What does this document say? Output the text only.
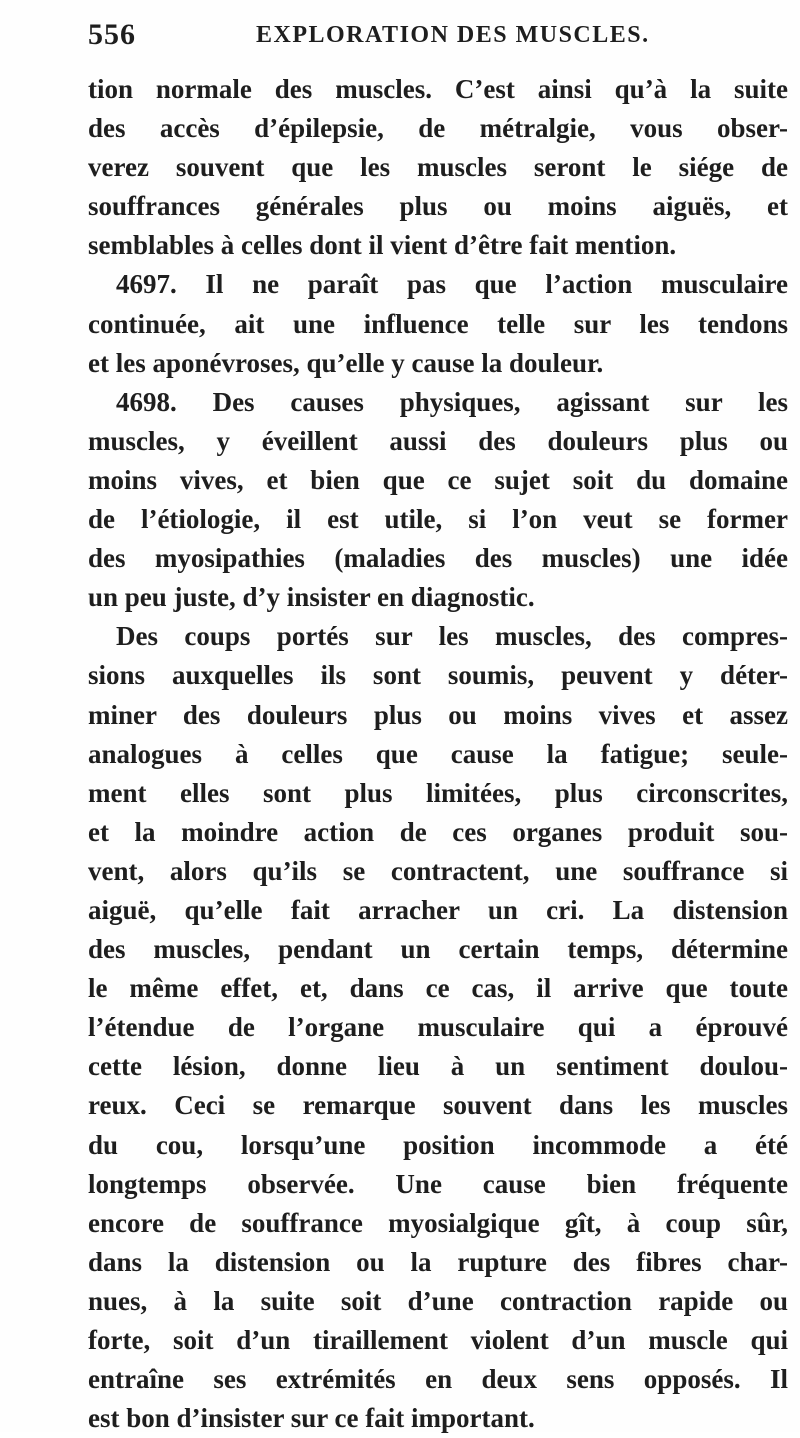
556	EXPLORATION DES MUSCLES.
tion normale des muscles. C’est ainsi qu’à la suite
des accès d’épilepsie, de métralgie, vous obser-
verez souvent que les muscles seront le siége de
souffrances générales plus ou moins aiguës, et
semblables à celles dont il vient d’être fait mention.
4697. Il ne paraît pas que l’action musculaire
continuée, ait une influence telle sur les tendons
et les aponévroses, qu’elle y cause la douleur.
4698. Des causes physiques, agissant sur les
muscles, y éveillent aussi des douleurs plus ou
moins vives, et bien que ce sujet soit du domaine
de l’étiologie, il est utile, si l’on veut se former
des myosipathies (maladies des muscles) une idée
un peu juste, d’y insister en diagnostic.
Des coups portés sur les muscles, des compres-
sions auxquelles ils sont soumis, peuvent y déter-
miner des douleurs plus ou moins vives et assez
analogues à celles que cause la fatigue; seule-
ment elles sont plus limitées, plus circonscrites,
et la moindre action de ces organes produit sou-
vent, alors qu’ils se contractent, une souffrance si
aiguë, qu’elle fait arracher un cri. La distension
des muscles, pendant un certain temps, détermine
le même effet, et, dans ce cas, il arrive que toute
l’étendue de l’organe musculaire qui a éprouvé
cette lésion, donne lieu à un sentiment doulou-
reux. Ceci se remarque souvent dans les muscles
du cou, lorsqu’une position incommode a été
longtemps observée. Une cause bien fréquente
encore de souffrance myosialgique gît, à coup sûr,
dans la distension ou la rupture des fibres char-
nues, à la suite soit d’une contraction rapide ou
forte, soit d’un tiraillement violent d’un muscle qui
entraîne ses extrémités en deux sens opposés. Il
est bon d’insister sur ce fait important.
